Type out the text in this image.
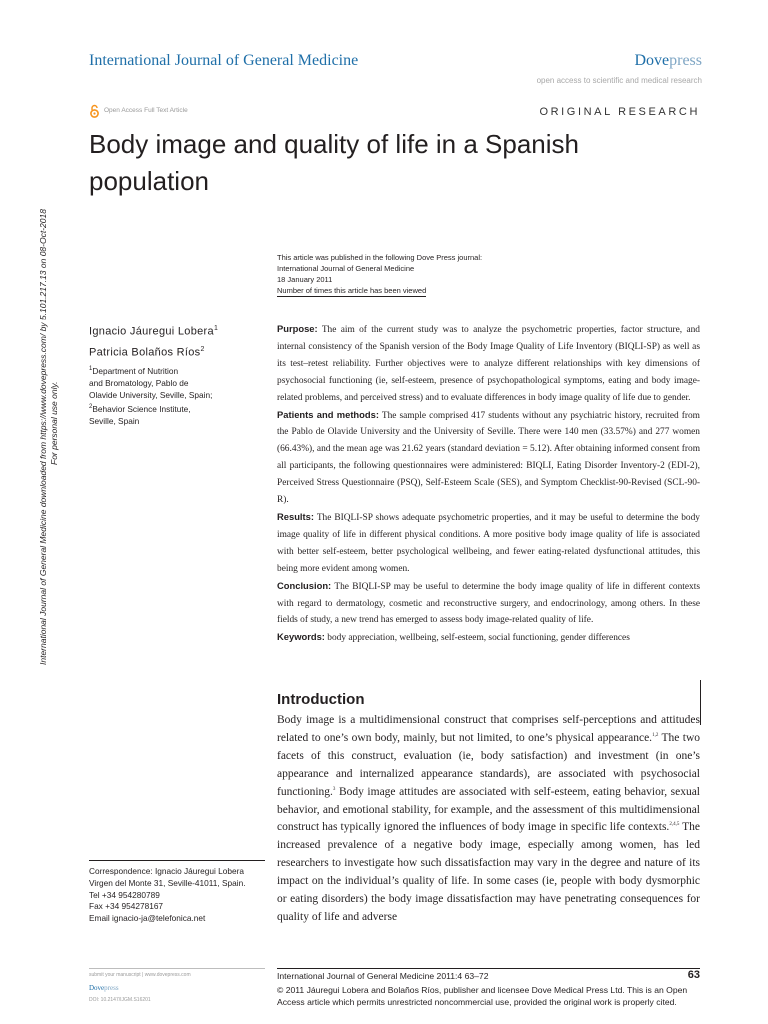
International Journal of General Medicine	Dovepress
open access to scientific and medical research
Open Access Full Text Article	ORIGINAL RESEARCH
Body image and quality of life in a Spanish
population
This article was published in the following Dove Press journal:
International Journal of General Medicine
18 January 2011
Number of times this article has been viewed
International Journal of General Medicine downloaded from https://www.dovepress.com/ by 5.101.217.13 on 08-Oct-2018 For personal use only.
Ignacio Jáuregui Lobera$^1$
Patricia Bolaños Ríos$^2$
$^1$Department of Nutrition
and Bromatology, Pablo de
Olavide University, Seville, Spain;
$^2$Behavior Science Institute,
Seville, Spain

Purpose: The aim of the current study was to analyze the psychometric properties, factor structure, and internal consistency of the Spanish version of the Body Image Quality of Life Inventory (BIQLI-SP) as well as its test–retest reliability. Further objectives were to analyze different relationships with key dimensions of psychosocial functioning (ie, self-esteem, presence of psychopathological symptoms, eating and body image-related problems, and perceived stress) and to evaluate differences in body image quality of life due to gender.

Patients and methods: The sample comprised 417 students without any psychiatric history, recruited from the Pablo de Olavide University and the University of Seville. There were 140 men (33.57%) and 277 women (66.43%), and the mean age was 21.62 years (standard deviation = 5.12). After obtaining informed consent from all participants, the following questionnaires were administered: BIQLI, Eating Disorder Inventory-2 (EDI-2), Perceived Stress Questionnaire (PSQ), Self-Esteem Scale (SES), and Symptom Checklist-90-Revised (SCL-90-R).

Results: The BIQLI-SP shows adequate psychometric properties, and it may be useful to determine the body image quality of life in different physical conditions. A more positive body image quality of life is associated with better self-esteem, better psychological wellbeing, and fewer eating-related dysfunctional attitudes, this being more evident among women.

Conclusion: The BIQLI-SP may be useful to determine the body image quality of life in different contexts with regard to dermatology, cosmetic and reconstructive surgery, and endocrinology, among others. In these fields of study, a new trend has emerged to assess body image-related quality of life.

Keywords: body appreciation, wellbeing, self-esteem, social functioning, gender differences

Introduction

Body image is a multidimensional construct that comprises self-perceptions and attitudes related to one’s own body, mainly, but not limited, to one’s physical appearance.$^{1,2}$ The two facets of this construct, evaluation (ie, body satisfaction) and investment (in one’s appearance and internalized appearance standards), are associated with psychosocial functioning.$^3$ Body image attitudes are associated with self-esteem, eating behavior, sexual behavior, and emotional stability, for example, and the assessment of this multidimensional construct has typically ignored the influences of body image in specific life contexts.$^{2,4,5}$ The increased prevalence of a negative body image, especially among women, has led researchers to investigate how such dissatisfaction may vary in the degree and nature of its impact on the individual’s quality of life. In some cases (ie, people with body dysmorphic or eating disorders) the body image dissatisfaction may have penetrating consequences for quality of life and adverse

Correspondence: Ignacio Jáuregui Lobera
Virgen del Monte 31, Seville-41011, Spain.
Tel +34 954280789
Fax +34 954278167
Email ignacio-ja@telefonica.net
submit your manuscript | www.dovepress.com
Dovepress
DOI: 10.2147/IJGM.S16201
International Journal of General Medicine 2011:4 63–72	63
© 2011 Jáuregui Lobera and Bolaños Ríos, publisher and licensee Dove Medical Press Ltd. This is an Open Access article which permits unrestricted noncommercial use, provided the original work is properly cited.
